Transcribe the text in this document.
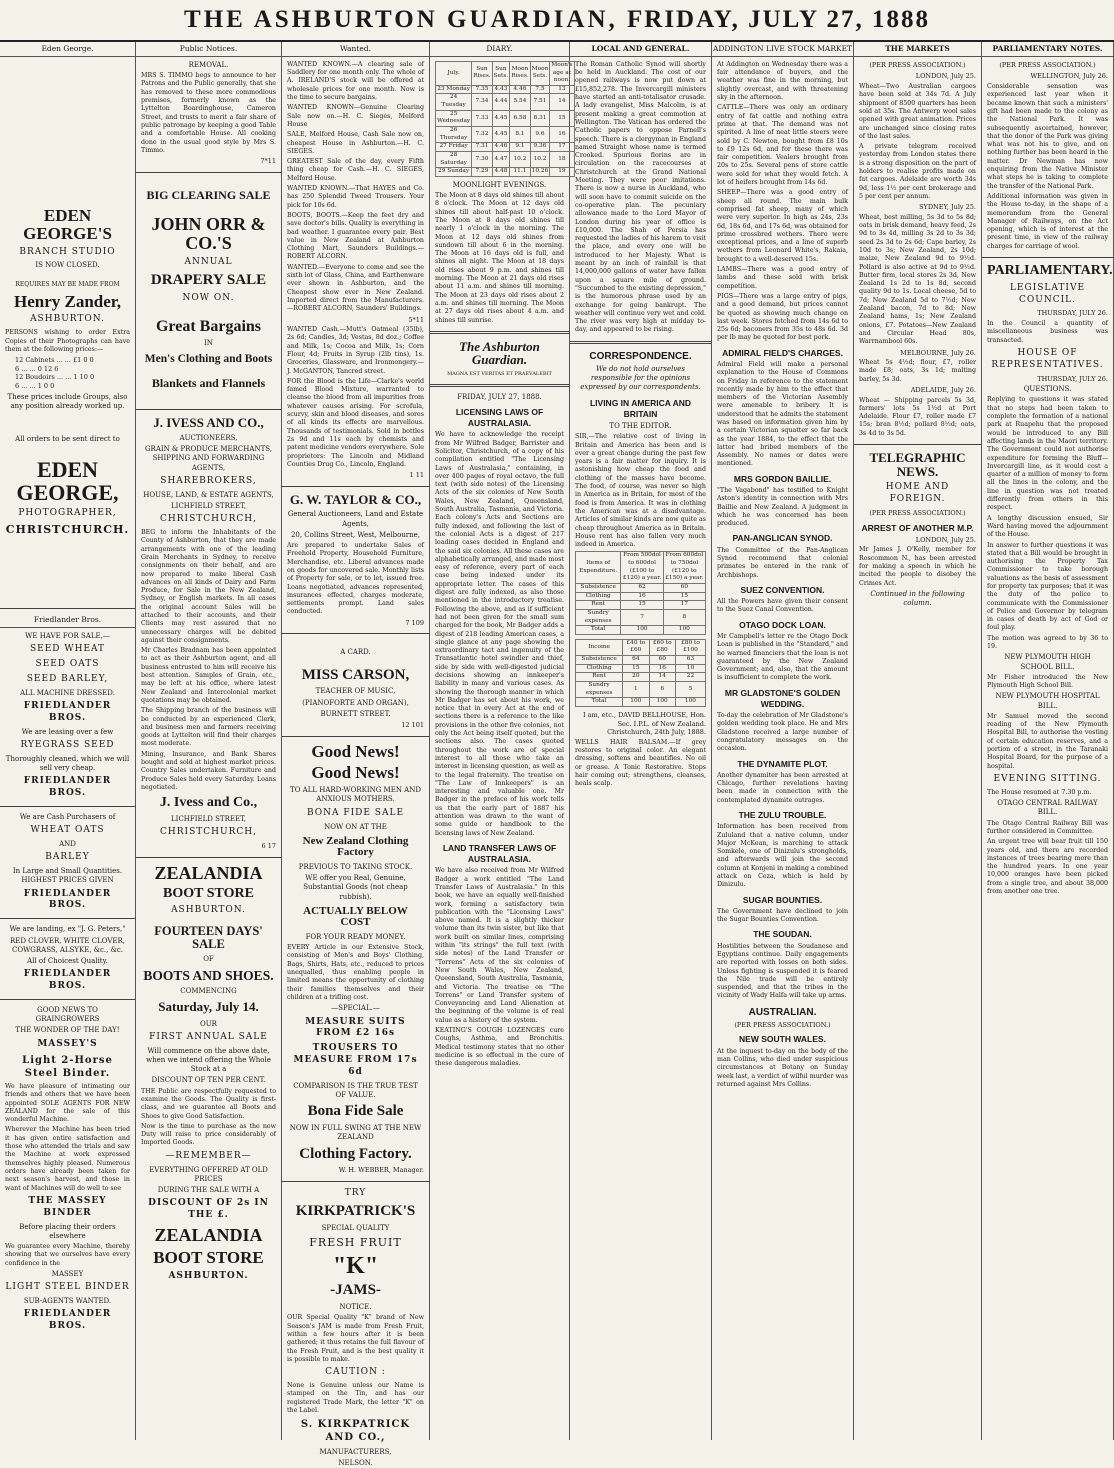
THE ASHBURTON GUARDIAN, FRIDAY, JULY 27, 1888
Eden George.
EDEN GEORGE'S
BRANCH STUDIO
IS NOW CLOSED.
REQUIRES MAY BE MADE FROM
Henry Zander,
ASHBURTON.

PERSONS wishing to order Extra Copies of their Photographs can have them at the following prices:—

12 Cabinets ... ... £1 0 0
6 ... ... 0 12 6
12 Boudoirs ... ... 1 10 0
6 ... ... 1 0 0

These prices include Groups, also any position already worked up.

All orders to be sent direct to
EDEN GEORGE,
PHOTOGRAPHER,
CHRISTCHURCH.
Friedlander Bros.
WE HAVE FOR SALE,—
SEED WHEAT
SEED OATS
SEED BARLEY,
ALL MACHINE DRESSED.
FRIEDLANDER BROS.
We are leasing over a few
RYEGRASS SEED
Thoroughly cleaned, which we will sell very cheap.
FRIEDLANDER BROS.
We are Cash Purchasers of
WHEAT OATS
AND
BARLEY
In Large and Small Quantities. HIGHEST PRICES GIVEN
FRIEDLANDER BROS.
We are landing, ex "J. G. Peters,"
RED CLOVER, WHITE CLOVER, COWGRASS, ALSYKE, &c., &c.
All of Choicest Quality.
FRIEDLANDER BROS.
GOOD NEWS TO GRAINGROWERS
THE WONDER OF THE DAY!
MASSEY'S
Light 2-Horse Steel Binder.

We have pleasure of intimating our friends and others that we have been appointed SOLE AGENTS FOR NEW ZEALAND for the sale of this wonderful Machine.

Wherever the Machine has been tried it has given entire satisfaction and those who attended the trials and saw the Machine at work expressed themselves highly pleased. Numerous orders have already been taken for next season's harvest, and those in want of Machines will do well to see

THE MASSEY BINDER
Before placing their orders elsewhere

We guarantee every Machine, thereby showing that we ourselves have every confidence in the

MASSEY
LIGHT STEEL BINDER
SUB-AGENTS WANTED.
FRIEDLANDER BROS.
Public Notices.
REMOVAL.

MRS S. TIMMO begs to announce to her Patrons and the Public generally, that she has removed to these more commodious premises, formerly known as the Lyttelton Boardinghouse, Cameron Street, and trusts to merit a fair share of public patronage by keeping a good Table and a comfortable House. All cooking done in the usual good style by Mrs S. Timmo.

7*11
BIG CLEARING SALE
JOHN ORR & CO.'S
ANNUAL
DRAPERY SALE
NOW ON.
Great Bargains
IN
Men's Clothing and Boots
Blankets and Flannels
J. IVESS AND CO.,
AUCTIONEERS,
GRAIN & PRODUCE MERCHANTS, SHIPPING AND FORWARDING AGENTS,
SHAREBROKERS,
HOUSE, LAND, & ESTATE AGENTS,
LICHFIELD STREET,
CHRISTCHURCH,

BEG to inform the Inhabitants of the County of Ashburton, that they are made arrangements with one of the leading Grain Merchants in Sydney, to receive consignments on their behalf, and are now prepared to make liberal Cash advances on all kinds of Dairy and Farm Produce, for Sale in the New Zealand, Sydney, or English markets. In all cases the original account Sales will be attached to their accounts, and their Clients may rest assured that no unnecessary charges will be debited against their consignments.

Mr Charles Bradnam has been appointed to act as their Ashburton agent, and all business entrusted to him will receive his best attention. Samples of Grain, etc., may be left at his office, where latest New Zealand and Intercolonial market quotations may be obtained.

The Shipping branch of the business will be conducted by an experienced Clerk, and business men and farmers receiving goods at Lyttelton will find their charges most moderate.

Mining, Insurance, and Bank Shares bought and sold at highest market prices. Country Sales undertaken. Furniture and Produce Sales held every Saturday. Loans negotiated.

J. Ivess and Co.,
LICHFIELD STREET,
CHRISTCHURCH,
6 17
ZEALANDIA
BOOT STORE
ASHBURTON.
FOURTEEN DAYS' SALE
OF
BOOTS AND SHOES.
COMMENCING
Saturday, July 14.
OUR
FIRST ANNUAL SALE

Will commence on the above date, when we intend offering the Whole Stock at a

DISCOUNT OF TEN PER CENT.

THE Public are respectfully requested to examine the Goods. The Quality is first-class, and we guarantee all Boots and Shoes to give Good Satisfaction.

Now is the time to purchase as the new Duty will raise to price considerably of Imported Goods.

—REMEMBER—
EVERYTHING OFFERED AT OLD PRICES
DURING THE SALE WITH A
DISCOUNT OF 2s IN THE £.
ZEALANDIA
BOOT STORE
ASHBURTON.
Wanted.

WANTED KNOWN.—A clearing sale of Saddlery for one month only. The whole of A. IRELAND'S stock will be offered at wholesale prices for one month. Now is the time to secure bargains.

WANTED KNOWN—Genuine Clearing Sale now on.—H. C. Sieges, Melford House

SALE, Melford House, Cash Sale now on, cheapest House in Ashburton.—H. C. SIEGES.

GREATEST Sale of the day, every Fifth thing cheap for Cash.—H. C. SIEGES, Melford House.

WANTED KNOWN.—That HAYES and Co. has 250 Splendid Tweed Trousers. Your pick for 10s 6d.

BOOTS, BOOTS.—Keep the feet dry and save doctor's bills. Quality is everything in bad weather. I guarantee every pair. Best value in New Zealand at Ashburton Clothing Mart, Saunders Buildings.—ROBERT ALCORN.

WANTED.—Everyone to come and see the sixth lot of Glass, China, and Earthenware ever shown in Ashburton, and the Cheapest show ever in New Zealand. Imported direct from the Manufacturers.—ROBERT ALCORN, Saunders' Buildings.

5*11

WANTED Cash.—Mutt's Oatmeal (35lb), 2s 6d; Candles, 3d; Vestas, 8d doz.; Coffee and Milk, 1s; Cocoa and Milk, 1s; Corn Flour, 4d; Fruits in Syrup (2lb tins), 1s. Groceries, Glassware, and Ironmongery.—J. McGANTON, Tancred street.

FOR the Blood is the Life—Clarke's world famed Blood Mixture, warranted to cleanse the blood from all impurities from whatever causes arising. For scrofula, scurvy, skin and blood diseases, and sores of all kinds its effects are marvellous. Thousands of testimonials. Sold in bottles 2s 9d and 11s each by chemists and patent medicine vendors everywhere. Sole proprietors: The Lincoln and Midland Counties Drug Co., Lincoln, England.

1 11
G. W. TAYLOR & CO.,
General Auctioneers, Land and Estate Agents,
20, Collins Street, West, Melbourne,

Are prepared to undertake Sales of Freehold Property, Household Furniture, Merchandise, etc. Liberal advances made on goods for uncovered sale. Monthly lists of Property for sale, or to let, issued free. Loans negotiated, advances represented, insurances effected, charges moderate, settlements prompt. Land sales conducted.

7 109
A CARD.
MISS CARSON,
TEACHER OF MUSIC,
(PIANOFORTE AND ORGAN),
BURNETT STREET.
12 101
Good News!
Good News!
TO ALL HARD-WORKING MEN AND ANXIOUS MOTHERS.
BONA FIDE SALE
NOW ON AT THE
New Zealand Clothing Factory
PREVIOUS TO TAKING STOCK.

WE offer you Real, Genuine, Substantial Goods (not cheap rubbish).

ACTUALLY BELOW COST
FOR YOUR READY MONEY.

EVERY Article in our Extensive Stock, consisting of Men's and Boys' Clothing, Bags, Shirts, Hats, etc., reduced to prices unequalled, thus enabling people in limited means the opportunity of clothing their families themselves and their children at a trifling cost.

—SPECIAL.—
MEASURE SUITS FROM £2 16s
TROUSERS TO MEASURE FROM 17s 6d
COMPARISON IS THE TRUE TEST OF VALUE.
Bona Fide Sale
NOW IN FULL SWING AT THE NEW ZEALAND
Clothing Factory.
W. H. WEBBER, Manager.
TRY
KIRKPATRICK'S
SPECIAL QUALITY
FRESH FRUIT
"K"
-JAMS-
NOTICE.

OUR Special Quality "K" brand of New Season's JAM is made from Fresh Fruit, within a few hours after it is been gathered; it thus retains the full flavour of the Fresh Fruit, and is the best quality it is possible to make.

CAUTION :

None is Genuine unless our Name is stamped on the Tin, and has our registered Trade Mark, the letter "K" on the Label.

S. KIRKPATRICK AND CO.,
MANUFACTURERS,
NELSON.
DIARY.
July.	Sun Rises.	Sun Sets.	Moon Rises.	Moon Sets.	Moon's age at noon.
23 Monday	7.35	4.43	4.46	7.5	13
24 Tuesday	7.34	4.44	5.54	7.51	14
25 Wednesday	7.33	4.45	6.58	8.31	15
26 Thursday	7.32	4.45	8.1	9.6	16
27 Friday	7.31	4.46	9.1	9.36	17
28 Saturday	7.30	4.47	10.2	10.2	18
29 Sunday	7.29	4.48	11.1	10.26	19
MOONLIGHT EVENINGS.

The Moon at 8 days old shines till about 8 o'clock. The Moon at 12 days old shines till about half-past 10 o'clock. The Moon at 8 days old shines till nearly 1 o'clock in the morning. The Moon at 12 days old shines from sundown till about 6 in the morning. The Moon at 16 days old is full, and shines all night. The Moon at 18 days old rises about 9 p.m. and shines till morning. The Moon at 21 days old rises about 11 a.m. and shines till morning. The Moon at 23 days old rises about 2 a.m. and shines till morning. The Moon at 27 days old rises about 4 a.m. and shines till sunrise.

The Ashburton Guardian.
MAGNA EST VERITAS ET PRAEVALEBIT
FRIDAY, JULY 27, 1888.
LICENSING LAWS OF AUSTRALASIA.

We have to acknowledge the receipt from Mr Wilfred Badger, Barrister and Solicitor, Christchurch, of a copy of his compilation entitled "The Licensing Laws of Australasia," containing, in over 400 pages of royal octavo, the full text (with side notes) of the Licensing Acts of the six colonies of New South Wales, New Zealand, Queensland, South Australia, Tasmania, and Victoria. Each colony's Acts and Sections are fully indexed, and following the last of the colonial Acts is a digest of 217 leading cases decided in England and the said six colonies. All these cases are alphabetically arranged, and made most easy of reference, every part of each case being indexed under its appropriate letter. The cases of this digest are fully indexed, as also those mentioned in the introductory treatise. Following the above, and as if sufficient had not been given for the small sum charged for the book, Mr Badger adds a digest of 218 leading American cases, a single glance at any page showing the extraordinary tact and ingenuity of the Transatlantic hotel swindler and thief, side by side with well-digested judicial decisions showing an innkeeper's liability in many and various cases. As showing the thorough manner in which Mr Badger has set about his work, we notice that in every Act at the end of sections there is a reference to the like provisions in the other five colonies, not only the Act being itself quoted, but the sections also. The cases quoted throughout the work are of special interest to all those who take an interest in licensing question, as well as to the legal fraternity. The treatise on "The Law of Innkeepers" is an interesting and valuable one. Mr Badger in the preface of his work tells us that the early part of 1887 his attention was drawn to the want of some guide or handbook to the licensing laws of New Zealand.

LAND TRANSFER LAWS OF AUSTRALASIA.

We have also received from Mr Wilfred Badger a work entitled "The Land Transfer Laws of Australasia." In this book, we have an equally well-finished work, forming a satisfactory twin publication with the "Licensing Laws" above named. It is a slightly thicker volume than its twin sister, but like that work built on similar lines, comprising within "its strings" the full text (with side notes) of the Land Transfer or "Torrens" Acts of the six colonies of New South Wales, New Zealand, Queensland, South Australia, Tasmania, and Victoria. The treatise on "The Torrens" or Land Transfer system of Conveyancing and Land Alienation at the beginning of the volume is of real value as a history of the system.

KEATING'S COUGH LOZENGES cure Coughs, Asthma, and Bronchitis. Medical testimony states that no other medicine is so effectual in the cure of these dangerous maladies.

LOCAL AND GENERAL.

The Roman Catholic Synod will shortly be held in Auckland. The cost of our opened railways is now put down at £15,852,278. The Invercargill ministers have started an anti-totalisator crusade. A lady evangelist, Miss Malcolm, is at present making a great commotion at Wellington. The Vatican has ordered the Catholic papers to oppose Parnell's speech. There is a clergyman in England named Straight whose name is termed Crooked. Spurious florins are in circulation on the racecourses at Christchurch at the Grand National Meeting. They were poor imitations. There is now a nurse in Auckland, who will soon have to commit suicide on the co-operative plan. The pecuniary allowance made to the Lord Mayor of London during his year of office is £10,000. The Shah of Persia has requested the ladies of his harem to visit the place, and every one will be introduced to her Majesty. What is meant by an inch of rainfall is that 14,000,000 gallons of water have fallen upon a square mile of ground. "Succumbed to the existing depression," is the humorous phrase used by an exchange for going bankrupt. The weather will continue very wet and cold. The river was very high at midday to-day, and appeared to be rising.

CORRESPONDENCE.

We do not hold ourselves responsible for the opinions expressed by our correspondents.

LIVING IN AMERICA AND BRITAIN
TO THE EDITOR.

SIR,—The relative cost of living in Britain and America has been and is ever a great change during the past few years is a fair matter for inquiry. It is astonishing how cheap the food and clothing of the masses have become. The food, of course, was never so high in America as in Britain, for most of the food is from America. It was in clothing the American was at a disadvantage. Articles of similar kinds are now quite as cheap throughout America as in Britain. House rent has also fallen very much indeed in America.

Items of Expenditure.	From 500dol to 600dol (£100 to £120) a year.	From 600dol to 750dol (£120 to £150) a year.
Subsistence	62	60
Clothing	16	15
Rent	15	17
Sundry expenses	7	8
Total	100	100
Income	£40 to £60	£60 to £80	£80 to £100
Subsistence	64	60	63
Clothing	15	16	10
Rent	20	14	22
Sundry expenses	1	6	5
Total	100	100	100

I am, etc., DAVID BELLHOUSE, Hon. Sec. I.P.L. of New Zealand. Christchurch, 24th July, 1888.

WELLS HAIR BALSAM.—If grey restores to original color. An elegant dressing, softens and beautifies. No oil or grease. A Tonic Restorative. Stops hair coming out; strengthens, cleanses, heals scalp.

ADDINGTON LIVE STOCK MARKET

At Addington on Wednesday there was a fair attendance of buyers, and the weather was fine in the morning, but slightly overcast, and with threatening sky in the afternoon.

CATTLE—There was only an ordinary entry of fat cattle and nothing extra prime at that. The demand was not spirited. A line of neat little steers were sold by C. Newton, bought from £8 10s to £9 12s 6d, and for these there was fair competition. Vealers brought from 20s to 25s. Several pens of store cattle were sold for what they would fetch. A lot of heifers brought from 14s 6d.

SHEEP—There was a good entry of sheep all round. The main bulk comprised fat sheep, many of which were very superior. In high as 24s, 23s 6d, 18s 6d, and 17s 6d, was obtained for prime crossbred wethers. There were exceptional prices, and a line of superb wethers from Leonard White's, Rakaia, brought to a well-deserved 15s.

LAMBS—There was a good entry of lambs and these sold with brisk competition.

PIGS—There was a large entry of pigs, and a good demand, but prices cannot be quoted as showing much change on last week. Stores fetched from 14s 6d to 25s 6d; baconers from 35s to 48s 6d. 3d per lb may be quoted for best pork.

ADMIRAL FIELD'S CHARGES.

Admiral Field will make a personal explanation to the House of Commons on Friday in reference to the statement recently made by him to the effect that members of the Victorian Assembly were amenable to bribery. It is understood that he admits the statement was based on information given him by a certain Victorian squatter so far back as the year 1884, to the effect that the latter had bribed members of the Assembly. No names or dates were mentioned.

MRS GORDON BAILLIE.

"The Vagabond" has testified to Knight Aston's identity in connection with Mrs Baillie and New Zealand. A judgment in which he was concerned has been produced.

PAN-ANGLICAN SYNOD.

The Committee of the Pan-Anglican Synod recommend that colonial primates be entered in the rank of Archbishops.

SUEZ CONVENTION.

All the Powers have given their consent to the Suez Canal Convention.

OTAGO DOCK LOAN.

Mr Campbell's letter re the Otago Dock Loan is published in the "Standard," and he warned financiers that the loan is not guaranteed by the New Zealand Government; and, also, that the amount is insufficient to complete the work.

MR GLADSTONE'S GOLDEN WEDDING.

To-day the celebration of Mr Gladstone's golden wedding took place. He and Mrs Gladstone received a large number of congratulatory messages on the occasion.

THE DYNAMITE PLOT.

Another dynamiter has been arrested at Chicago, further revelations having been made in connection with the contemplated dynamite outrages.

THE ZULU TROUBLE.

Information has been received from Zululand that a native column, under Major McKean, is marching to attack Somkele, one of Dinizulu's strongholds, and afterwards will join the second column at Konjeni in making a combined attack on Ceza, which is held by Dinizulu.

SUGAR BOUNTIES.

The Government have declined to join the Sugar Bounties Convention.

THE SOUDAN.

Hostilities between the Soudanese and Egyptians continue. Daily engagements are reported with losses on both sides. Unless fighting is suspended it is feared the Nile trade will be entirely suspended, and that the tribes in the vicinity of Wady Halfa will take up arms.

AUSTRALIAN.
(PER PRESS ASSOCIATION.)
NEW SOUTH WALES.

At the inquest to-day on the body of the man Collins, who died under suspicious circumstances at Botany on Sunday week last, a verdict of wilful murder was returned against Mrs Collins.

THE MARKETS
(PER PRESS ASSOCIATION.)
LONDON, July 25.

Wheat—Two Australian cargoes have been sold at 34s 7d. A July shipment of 8500 quarters has been sold at 35s. The Antwerp wool sales opened with great animation. Prices are unchanged since closing rates of the last sales.

A private telegram received yesterday from London states there is a strong disposition on the part of holders to realise profits made on fat cargoes. Adelaide are worth 34s 9d, less 1½ per cent brokerage and 5 per cent per annum.

SYDNEY, July 25.

Wheat, best milling, 5s 3d to 5s 8d; oats in brisk demand, heavy feed, 2s 9d to 3s 4d, milling 3s 2d to 3s 3d; seed 2s 3d to 2s 6d; Cape barley, 2s 10d to 3s; New Zealand, 2s 10d; maize, New Zealand 9d to 9½d. Pollard is also active at 9d to 9½d. Butter firm, local stores 2s 3d, New Zealand 1s 2d to 1s 8d, second quality 9d to 1s. Local cheese, 5d to 7d; New Zealand 5d to 7½d; New Zealand bacon, 7d to 8d; New Zealand hams, 1s; New Zealand onions, £7. Potatoes—New Zealand and Circular Head 80s, Warrnambool 60s.

MELBOURNE, July 26.

Wheat 5s 4½d; flour, £7, roller made £8; oats, 3s 1d; malting barley, 5s 3d.

ADELAIDE, July 26.

Wheat — Shipping parcels 5s 3d, farmers' lots 5s 1½d at Port Adelaide. Flour £7, roller made £7 15s; bran 8½d; pollard 8½d; oats, 3s 4d to 3s 5d.

TELEGRAPHIC NEWS.
HOME AND FOREIGN.
(PER PRESS ASSOCIATION.)
ARREST OF ANOTHER M.P.
LONDON, July 25.

Mr James J. O'Kelly, member for Roscommon N., has been arrested for making a speech in which he incited the people to disobey the Crimes Act.

Continued in the following column.

PARLIAMENTARY NOTES.
(PER PRESS ASSOCIATION.)
WELLINGTON, July 26.

Considerable sensation was experienced last year when it became known that such a ministers' gift had been made to the colony as the National Park. It was subsequently ascertained, however, that the donor of the Park was giving what was not his to give, and on nothing further has been heard in the matter. Dr Newman has now enquiring from the Native Minister what steps he is taking to complete the transfer of the National Park.

Additional information was given in the House to-day, in the shape of a memorandum from the General Manager of Railways, on the Act opening, which is of interest at the present time, in view of the railway charges for carriage of wool.

PARLIAMENTARY.
LEGISLATIVE COUNCIL.
THURSDAY, JULY 26.

In the Council a quantity of miscellaneous business was transacted.

HOUSE OF REPRESENTATIVES.
THURSDAY, JULY 26.
QUESTIONS.

Replying to questions it was stated that no steps had been taken to complete the formation of a national park at Ruapehu that the proposed would be introduced to any Bill affecting lands in the Maori territory. The Government could not authorise expenditure for forming the Bluff—Invercargill line, as it would cost a quarter of a million of money to form all the lines in the colony, and the line in question was not treated differently from others in this respect.

A lengthy discussion ensued, Sir Ward having moved the adjournment of the House.

In answer to further questions it was stated that a Bill would be brought in authorising the Property Tax Commissioner to take borough valuations as the basis of assessment for property tax purposes; that it was the duty of the police to communicate with the Commissioner of Police and Governor by telegram in cases of death by act of God or foul play.

The motion was agreed to by 36 to 19.

NEW PLYMOUTH HIGH SCHOOL BILL.

Mr Fisher introduced the New Plymouth High School Bill.

NEW PLYMOUTH HOSPITAL BILL.

Mr Samuel moved the second reading of the New Plymouth Hospital Bill, to authorise the vesting of certain education reserves, and a portion of a street, in the Taranaki Hospital Board, for the purpose of a hospital.

EVENING SITTING.

The House resumed at 7.30 p.m.

OTAGO CENTRAL RAILWAY BILL.

The Otago Central Railway Bill was further considered in Committee.

An urgent tree will bear fruit till 150 years old, and there are recorded instances of trees bearing more than the hundred years. In one year 10,000 oranges have been picked from a single tree, and about 38,000 from another one tree.
